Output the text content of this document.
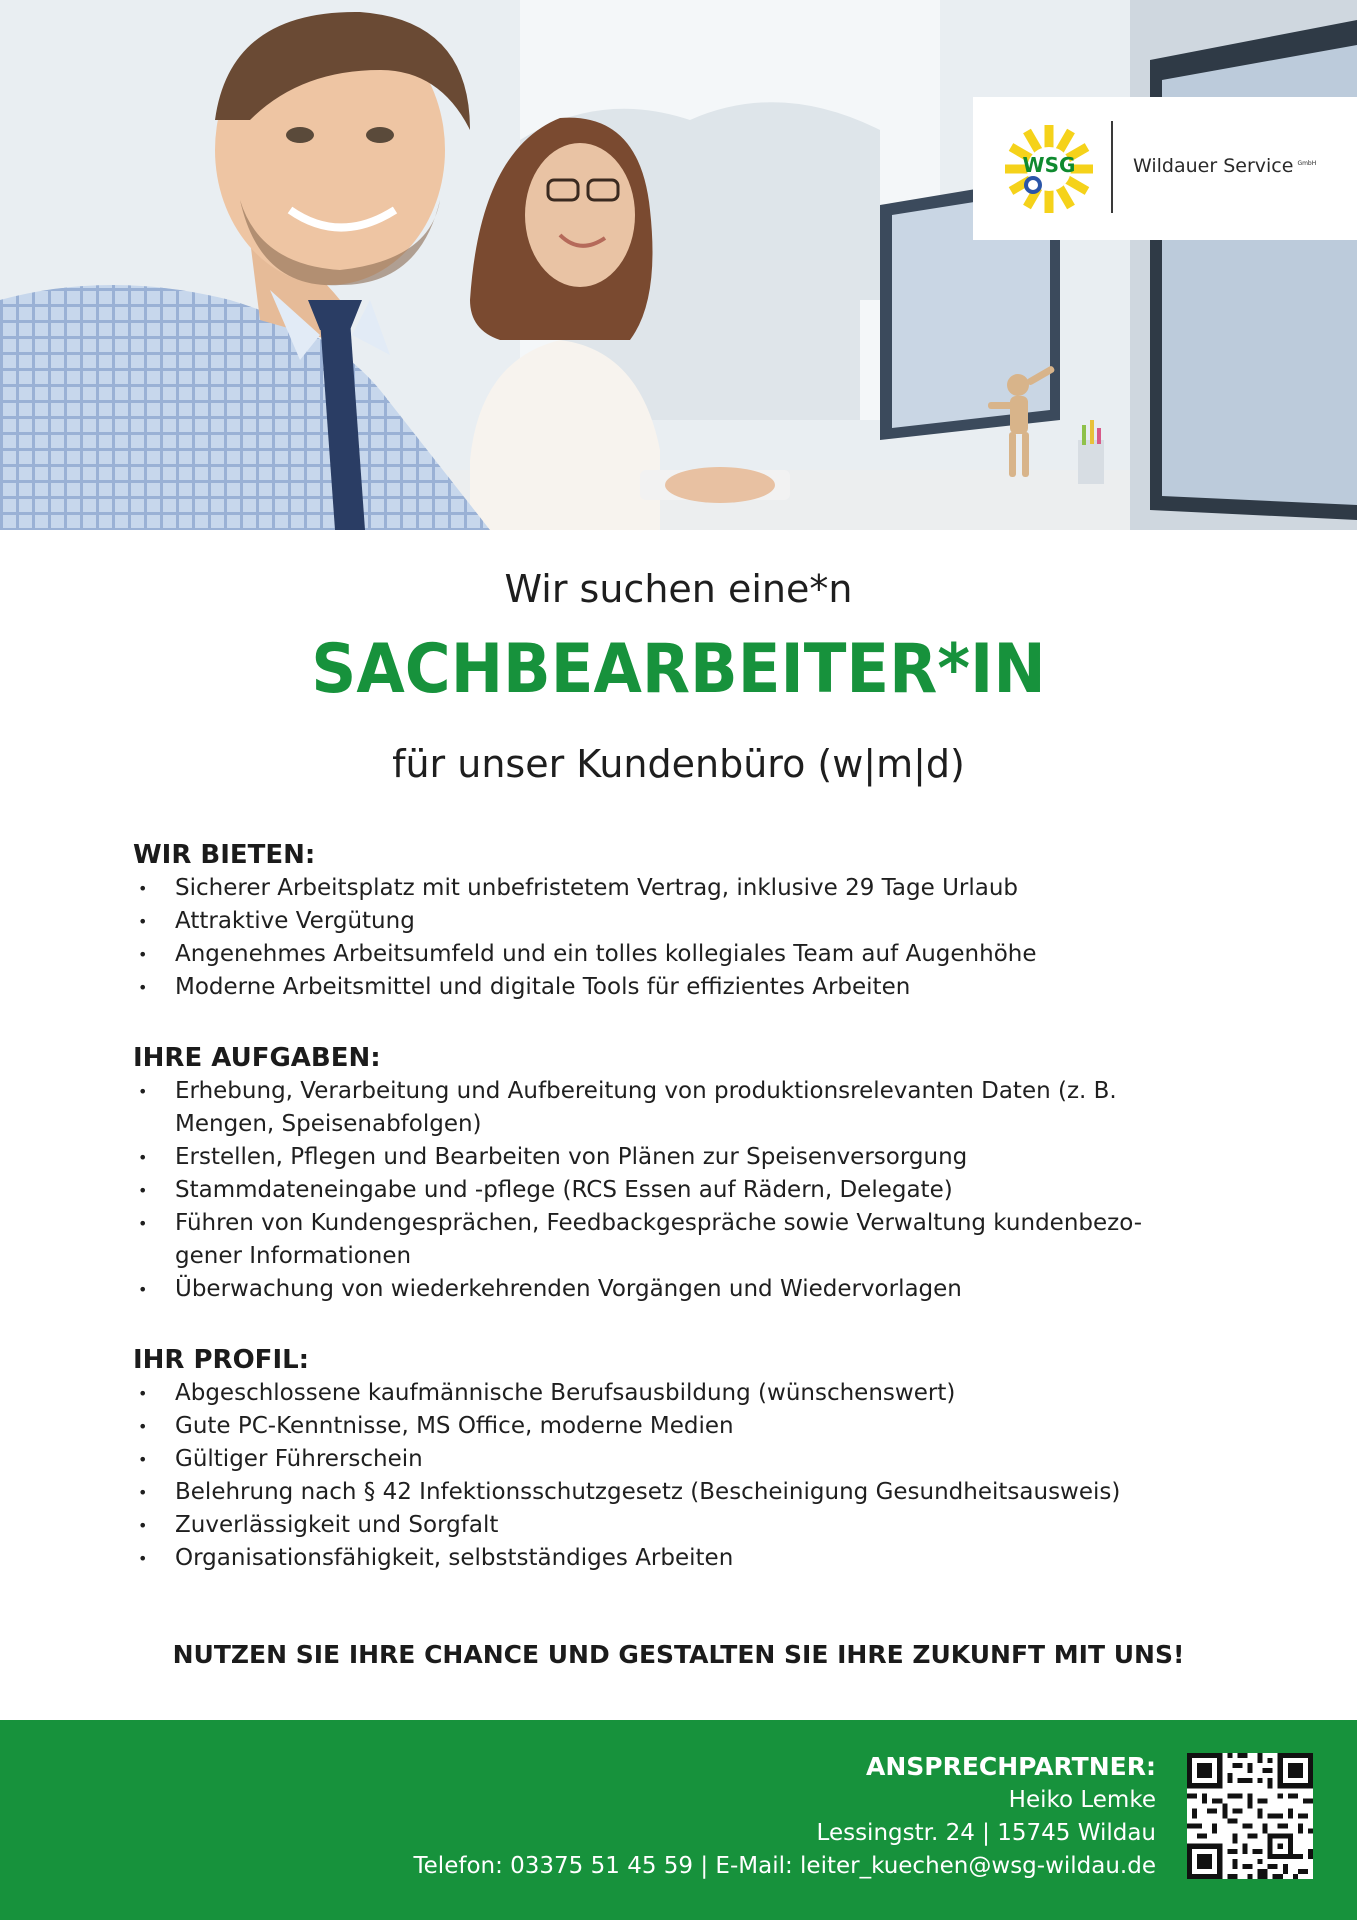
WSG	Wildauer Service $^{GmbH}$
Wir suchen eine*n
SACHBEARBEITER*IN
für unser Kundenbüro (w|m|d)
WIR BIETEN:
• Sicherer Arbeitsplatz mit unbefristetem Vertrag, inklusive 29 Tage Urlaub
• Attraktive Vergütung
• Angenehmes Arbeitsumfeld und ein tolles kollegiales Team auf Augenhöhe
• Moderne Arbeitsmittel und digitale Tools für effizientes Arbeiten
IHRE AUFGABEN:
• Erhebung, Verarbeitung und Aufbereitung von produktionsrelevanten Daten (z. B.
Mengen, Speisenabfolgen)
• Erstellen, Pflegen und Bearbeiten von Plänen zur Speisenversorgung
• Stammdateneingabe und -pflege (RCS Essen auf Rädern, Delegate)
• Führen von Kundengesprächen, Feedbackgespräche sowie Verwaltung kundenbezo-
gener Informationen
• Überwachung von wiederkehrenden Vorgängen und Wiedervorlagen
IHR PROFIL:
• Abgeschlossene kaufmännische Berufsausbildung (wünschenswert)
• Gute PC-Kenntnisse, MS Office, moderne Medien
• Gültiger Führerschein
• Belehrung nach § 42 Infektionsschutzgesetz (Bescheinigung Gesundheitsausweis)
• Zuverlässigkeit und Sorgfalt
• Organisationsfähigkeit, selbstständiges Arbeiten
NUTZEN SIE IHRE CHANCE UND GESTALTEN SIE IHRE ZUKUNFT MIT UNS!
ANSPRECHPARTNER:
Heiko Lemke
Lessingstr. 24 | 15745 Wildau
Telefon: 03375 51 45 59 | E-Mail: leiter_kuechen@wsg-wildau.de
